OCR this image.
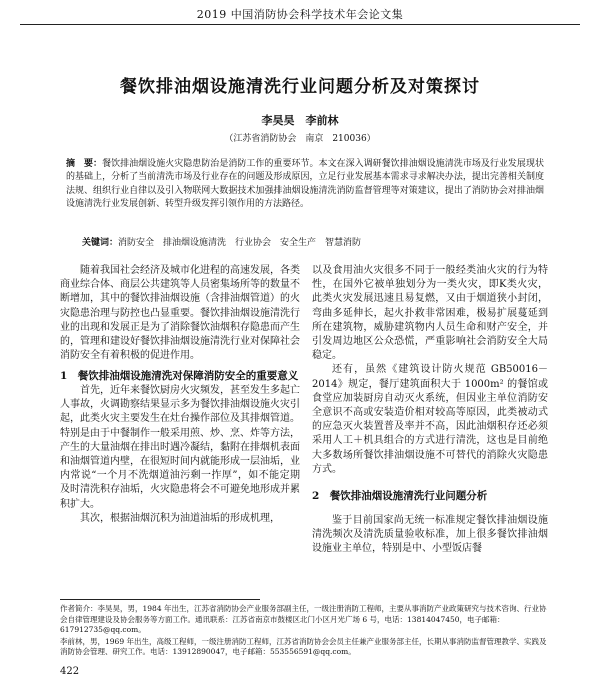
2019 中国消防协会科学技术年会论文集
餐饮排油烟设施清洗行业问题分析及对策探讨
李昊昊　李前林
（江苏省消防协会　南京　210036）
摘　要：餐饮排油烟设施火灾隐患防治是消防工作的重要环节。本文在深入调研餐饮排油烟设施清洗市场及行业发展现状的基础上，分析了当前清洗市场及行业存在的问题及形成原因，立足行业发展基本需求寻求解决办法，提出完善相关制度法规、组织行业自律以及引入物联网大数据技术加强排油烟设施清洗消防监督管理等对策建议，提出了消防协会对排油烟设施清洗行业发展创新、转型升级发挥引领作用的方法路径。
关键词：消防安全　排油烟设施清洗　行业协会　安全生产　智慧消防

随着我国社会经济及城市化进程的高速发展，各类商业综合体、商层公共建筑等人员密集场所等的数量不断增加，其中的餐饮排油烟设施（含排油烟管道）的火灾隐患治理与防控也凸显重要。餐饮排油烟设施清洗行业的出现和发展正是为了消除餐饮油烟积存隐患而产生的，管理和建设好餐饮排油烟设施清洗行业对保障社会消防安全有着积极的促进作用。

1　餐饮排油烟设施清洗对保障消防安全的重要意义

首先，近年来餐饮厨房火灾频发，甚至发生多起亡人事故，火调勘察结果显示多为餐饮排油烟设施火灾引起，此类火灾主要发生在灶台操作部位及其排烟管道。特别是由于中餐制作一般采用煎、炒、烹、炸等方法，产生的大量油烟在排出时遇冷凝结，黏附在排烟机表面和油烟管道内壁，在很短时间内就能形成一层油垢，业内常说“一个月不洗烟道油污剩一拃厚”，如不能定期及时清洗积存油垢，火灾隐患将会不可避免地形成并累积扩大。

其次，根据油烟沉积为油道油垢的形成机理，

以及食用油火灾很多不同于一般经类油火灾的行为特性，在国外它被单独划分为一类火灾，即K类火灾，此类火灾发展迅速且易复燃，又由于烟道狭小封闭，弯曲多延伸长，起火扑救非常困难，极易扩展蔓延到所在建筑物，威胁建筑物内人员生命和财产安全，并引发周边地区公众恐慌，严重影响社会消防安全大局稳定。

还有，虽然《建筑设计防火规范 GB50016－2014》规定，餐厅建筑面积大于 1000m² 的餐馆或食堂应加装厨房自动灭火系统，但因业主单位消防安全意识不高或安装造价相对较高等原因，此类被动式的应急灭火装置普及率并不高，因此油烟积存还必须采用人工＋机具组合的方式进行清洗，这也是目前绝大多数场所餐饮排油烟设施不可替代的消除火灾隐患方式。

2　餐饮排油烟设施清洗行业问题分析

鉴于目前国家尚无统一标准规定餐饮排油烟设施清洗频次及清洗质量验收标准，加上很多餐饮排油烟设施业主单位，特别是中、小型饭店餐

作者简介：李昊昊，男，1984 年出生，江苏省消防协会产业服务部副主任，一级注册消防工程师，主要从事消防产业政策研究与技术咨询、行业协会自律管理建设及协会服务等方面工作。通讯联系：江苏省南京市鼓楼区北门小区月光广场 6 号，电话：13814047450，电子邮箱：617912735@qq.com。

李前林，男，1969 年出生，高级工程师，一级注册消防工程师，江苏省消防协会会员主任兼产业服务部主任，长期从事消防监督管理教学、实践及消防协会管理、研究工作。电话：13912890047，电子邮箱：553556591@qq.com。

422
